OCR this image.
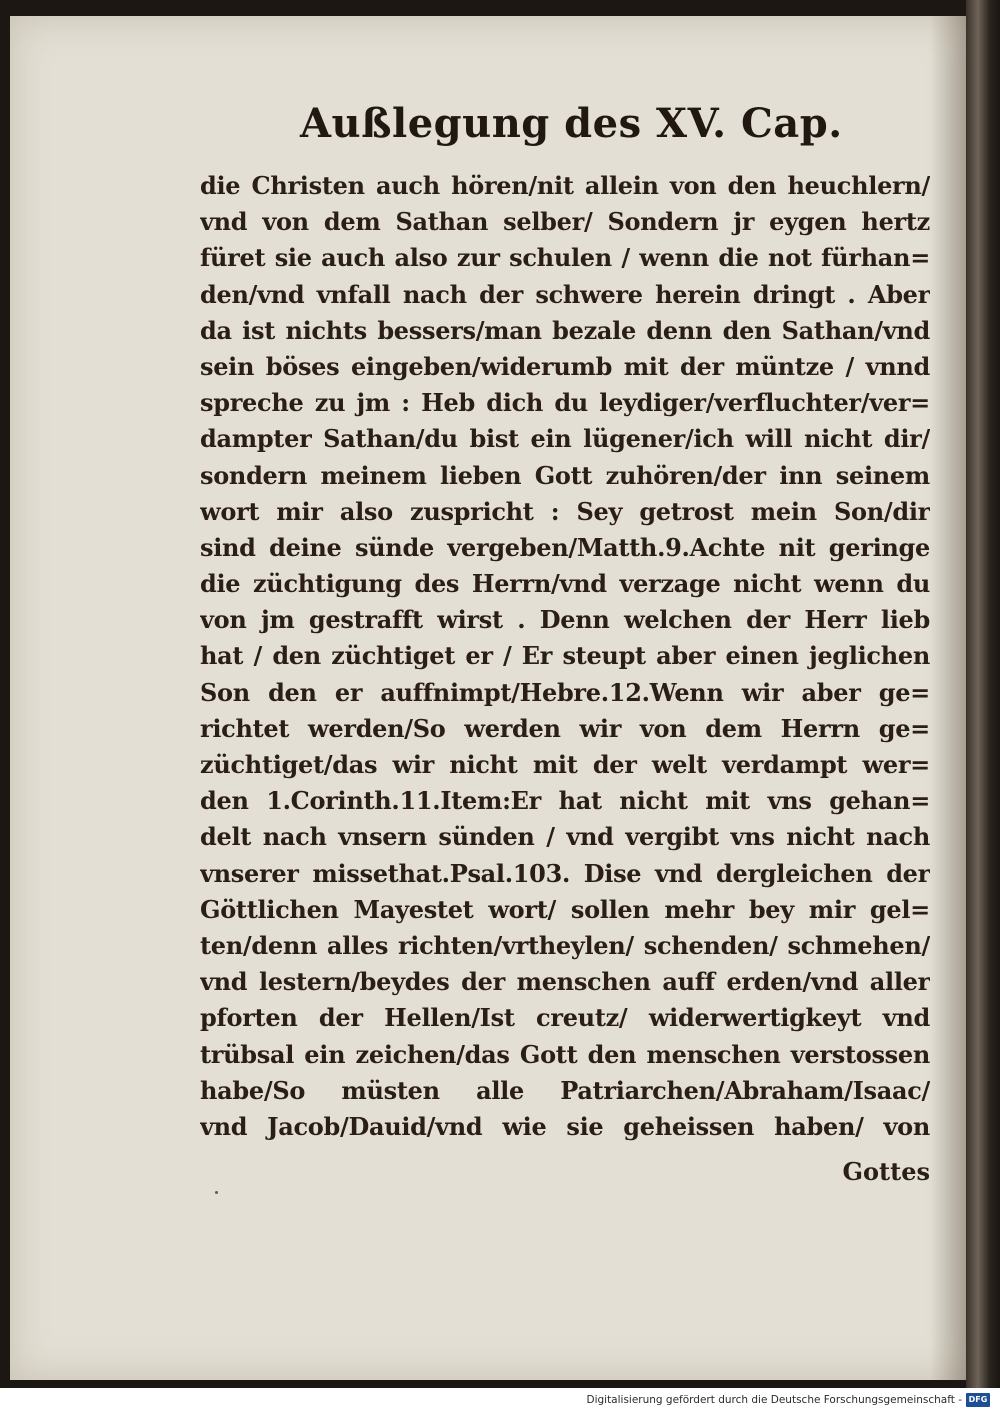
Außlegung des XV. Cap.
die Christen auch hören/nit allein von den heuchlern/
vnd von dem Sathan selber/ Sondern jr eygen hertz
füret sie auch also zur schulen / wenn die not fürhan=
den/vnd vnfall nach der schwere herein dringt . Aber
da ist nichts bessers/man bezale denn den Sathan/vnd
sein böses eingeben/widerumb mit der müntze / vnnd
spreche zu jm : Heb dich du leydiger/verfluchter/ver=
dampter Sathan/du bist ein lügener/ich will nicht dir/
sondern meinem lieben Gott zuhören/der inn seinem
wort mir also zuspricht : Sey getrost mein Son/dir
sind deine sünde vergeben/Matth.9.Achte nit geringe
die züchtigung des Herrn/vnd verzage nicht wenn du
von jm gestrafft wirst . Denn welchen der Herr lieb
hat / den züchtiget er / Er steupt aber einen jeglichen
Son den er auffnimpt/Hebre.12.Wenn wir aber ge=
richtet werden/So werden wir von dem Herrn ge=
züchtiget/das wir nicht mit der welt verdampt wer=
den 1.Corinth.11.Item:Er hat nicht mit vns gehan=
delt nach vnsern sünden / vnd vergibt vns nicht nach
vnserer missethat.Psal.103. Dise vnd dergleichen der
Göttlichen Mayestet wort/ sollen mehr bey mir gel=
ten/denn alles richten/vrtheylen/ schenden/ schmehen/
vnd lestern/beydes der menschen auff erden/vnd aller
pforten der Hellen/Ist creutz/ widerwertigkeyt vnd
trübsal ein zeichen/das Gott den menschen verstossen
habe/So müsten alle Patriarchen/Abraham/Isaac/
vnd Jacob/Dauid/vnd wie sie geheissen haben/ von
Gottes
Digitalisierung gefördert durch die Deutsche Forschungsgemeinschaft - DFG
